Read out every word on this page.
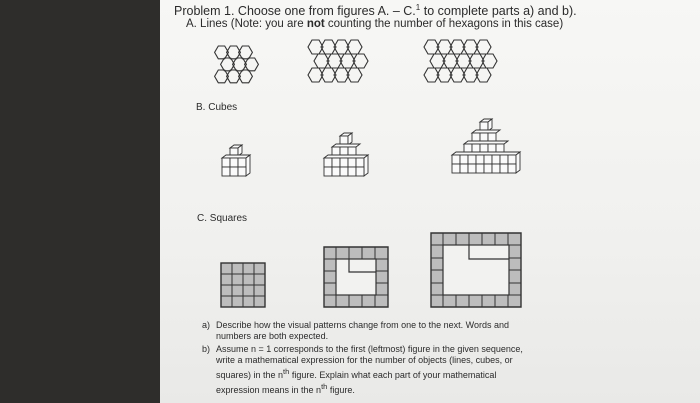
Problem 1. Choose one from figures A. – C.$^1$ to complete parts a) and b).
A. Lines (Note: you are not counting the number of hexagons in this case)
B. Cubes
C. Squares
a) Describe how the visual patterns change from one to the next. Words and
numbers are both expected.
b) Assume n = 1 corresponds to the first (leftmost) figure in the given sequence,
write a mathematical expression for the number of objects (lines, cubes, or
squares) in the $n^{th}$ figure. Explain what each part of your mathematical
expression means in the $n^{th}$ figure.
